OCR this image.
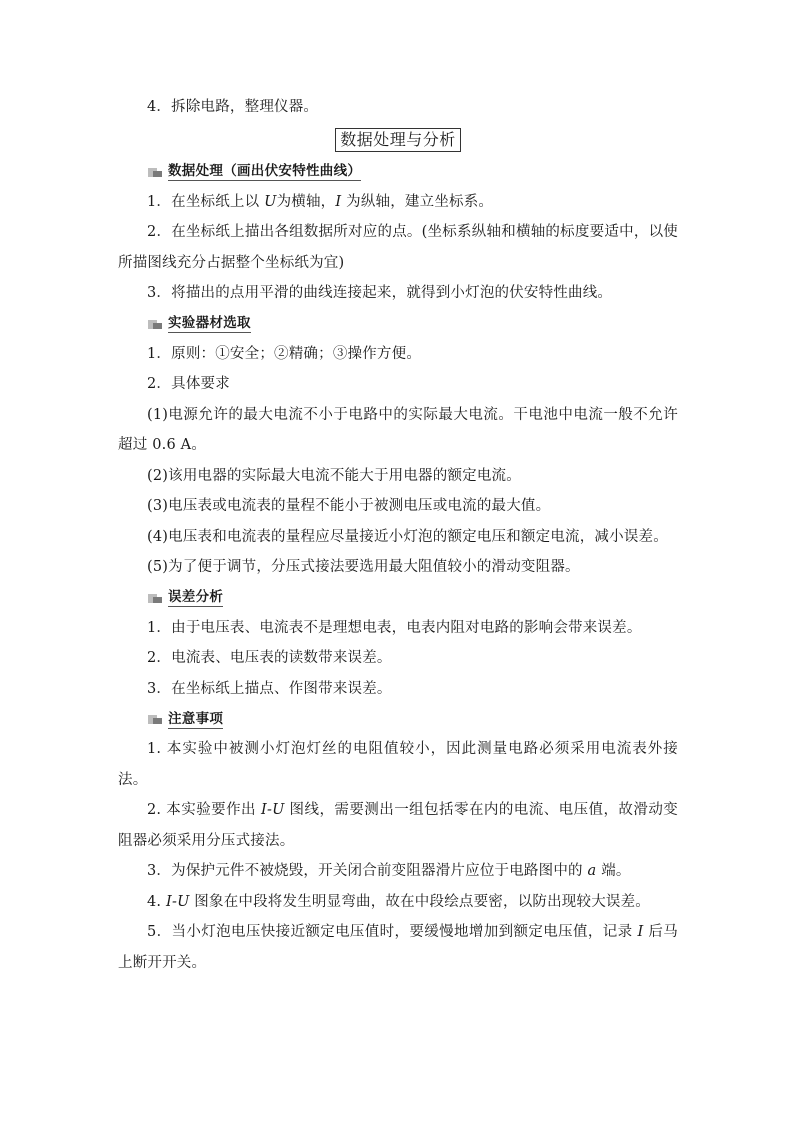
4．拆除电路，整理仪器。

数据处理与分析
数据处理（画出伏安特性曲线）

1．在坐标纸上以 U为横轴，I 为纵轴，建立坐标系。

2．在坐标纸上描出各组数据所对应的点。(坐标系纵轴和横轴的标度要适中，以使所描图线充分占据整个坐标纸为宜)

3．将描出的点用平滑的曲线连接起来，就得到小灯泡的伏安特性曲线。

实验器材选取

1．原则：①安全；②精确；③操作方便。

2．具体要求

(1)电源允许的最大电流不小于电路中的实际最大电流。干电池中电流一般不允许超过 0.6 A。

(2)该用电器的实际最大电流不能大于用电器的额定电流。

(3)电压表或电流表的量程不能小于被测电压或电流的最大值。

(4)电压表和电流表的量程应尽量接近小灯泡的额定电压和额定电流，减小误差。

(5)为了便于调节，分压式接法要选用最大阻值较小的滑动变阻器。

误差分析

1．由于电压表、电流表不是理想电表，电表内阻对电路的影响会带来误差。

2．电流表、电压表的读数带来误差。

3．在坐标纸上描点、作图带来误差。

注意事项

1. 本实验中被测小灯泡灯丝的电阻值较小，因此测量电路必须采用电流表外接法。

2. 本实验要作出 I-U 图线，需要测出一组包括零在内的电流、电压值，故滑动变阻器必须采用分压式接法。

3．为保护元件不被烧毁，开关闭合前变阻器滑片应位于电路图中的 a 端。

4. I-U 图象在中段将发生明显弯曲，故在中段绘点要密，以防出现较大误差。

5．当小灯泡电压快接近额定电压值时，要缓慢地增加到额定电压值，记录 I 后马上断开开关。
